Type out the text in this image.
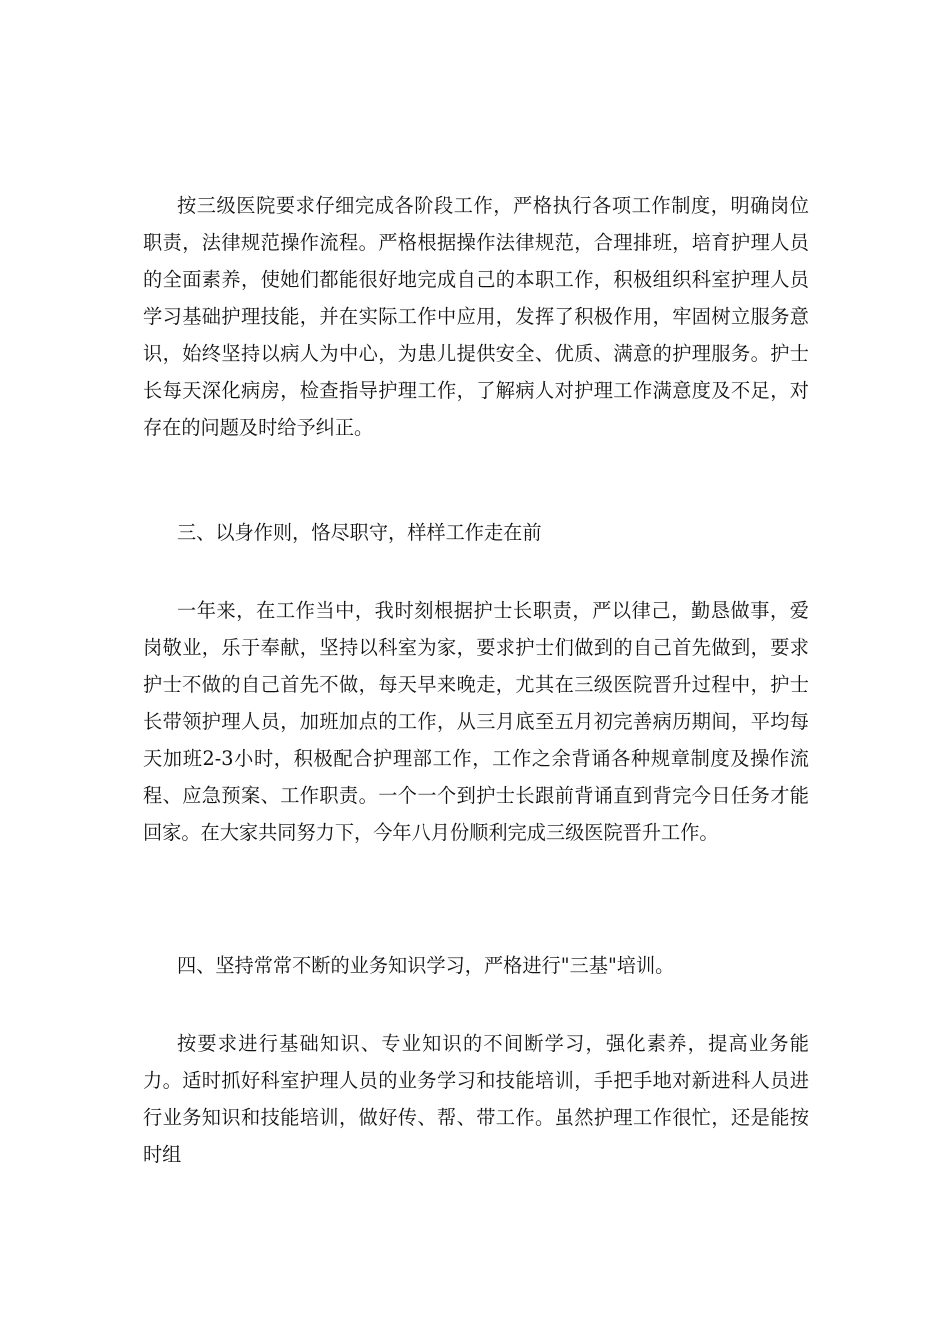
按三级医院要求仔细完成各阶段工作，严格执行各项工作制度，明确岗位职责，法律规范操作流程。严格根据操作法律规范，合理排班，培育护理人员的全面素养，使她们都能很好地完成自己的本职工作，积极组织科室护理人员学习基础护理技能，并在实际工作中应用，发挥了积极作用，牢固树立服务意识，始终坚持以病人为中心，为患儿提供安全、优质、满意的护理服务。护士长每天深化病房，检查指导护理工作，了解病人对护理工作满意度及不足，对存在的问题及时给予纠正。

三、以身作则，恪尽职守，样样工作走在前

一年来，在工作当中，我时刻根据护士长职责，严以律己，勤恳做事，爱岗敬业，乐于奉献，坚持以科室为家，要求护士们做到的自己首先做到，要求护士不做的自己首先不做，每天早来晚走，尤其在三级医院晋升过程中，护士长带领护理人员，加班加点的工作，从三月底至五月初完善病历期间，平均每天加班2-3小时，积极配合护理部工作，工作之余背诵各种规章制度及操作流程、应急预案、工作职责。一个一个到护士长跟前背诵直到背完今日任务才能回家。在大家共同努力下，今年八月份顺利完成三级医院晋升工作。

四、坚持常常不断的业务知识学习，严格进行"三基"培训。

按要求进行基础知识、专业知识的不间断学习，强化素养，提高业务能力。适时抓好科室护理人员的业务学习和技能培训，手把手地对新进科人员进行业务知识和技能培训，做好传、帮、带工作。虽然护理工作很忙，还是能按时组
